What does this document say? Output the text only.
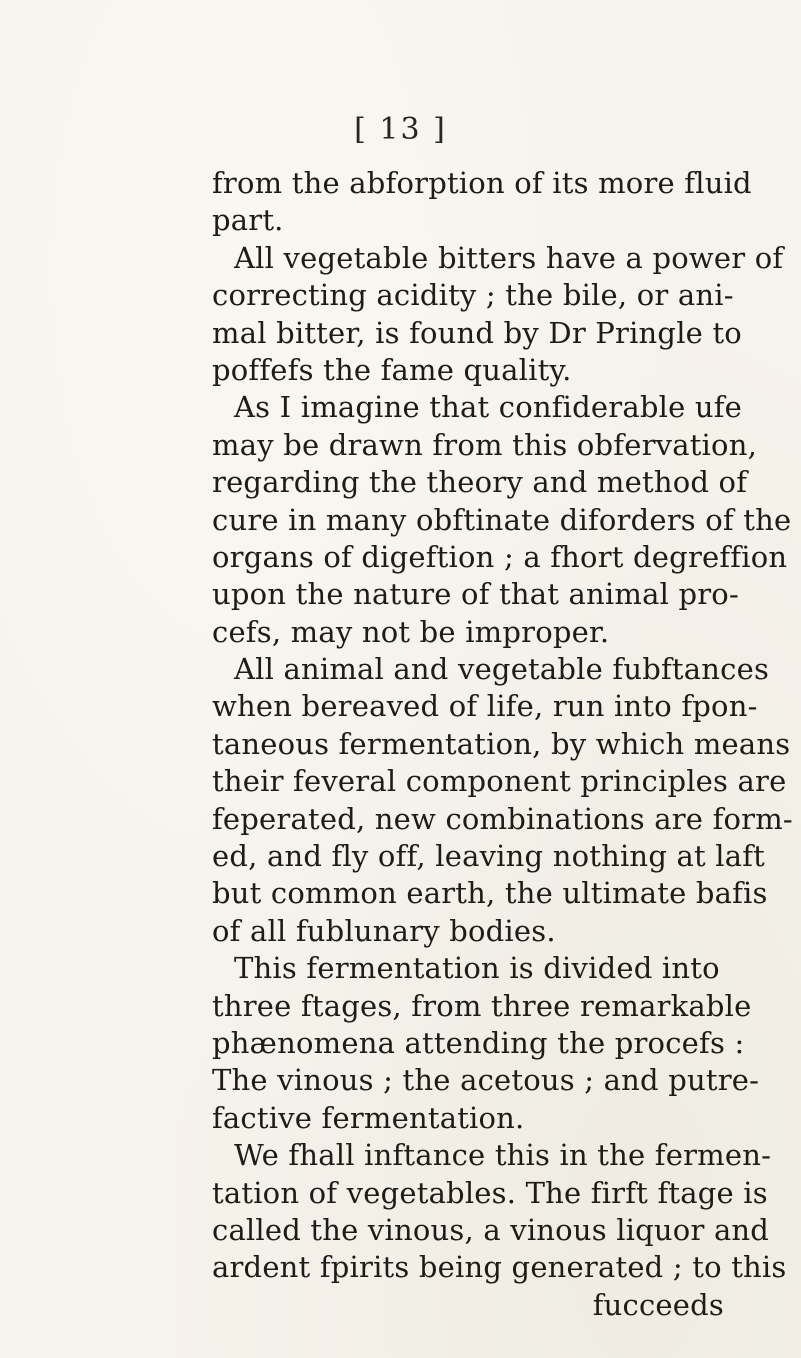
[ 13 ]
from the abforption of its more fluid
part.
All vegetable bitters have a power of
correcting acidity ; the bile, or ani-
mal bitter, is found by Dr Pringle to
poffefs the fame quality.
As I imagine that confiderable ufe
may be drawn from this obfervation,
regarding the theory and method of
cure in many obftinate diforders of the
organs of digeftion ; a fhort degreffion
upon the nature of that animal pro-
cefs, may not be improper.
All animal and vegetable fubftances
when bereaved of life, run into fpon-
taneous fermentation, by which means
their feveral component principles are
feperated, new combinations are form-
ed, and fly off, leaving nothing at laft
but common earth, the ultimate bafis
of all fublunary bodies.
This fermentation is divided into
three ftages, from three remarkable
phænomena attending the procefs :
The vinous ; the acetous ; and putre-
factive fermentation.
We fhall inftance this in the fermen-
tation of vegetables. The firft ftage is
called the vinous, a vinous liquor and
ardent fpirits being generated ; to this
fucceeds
